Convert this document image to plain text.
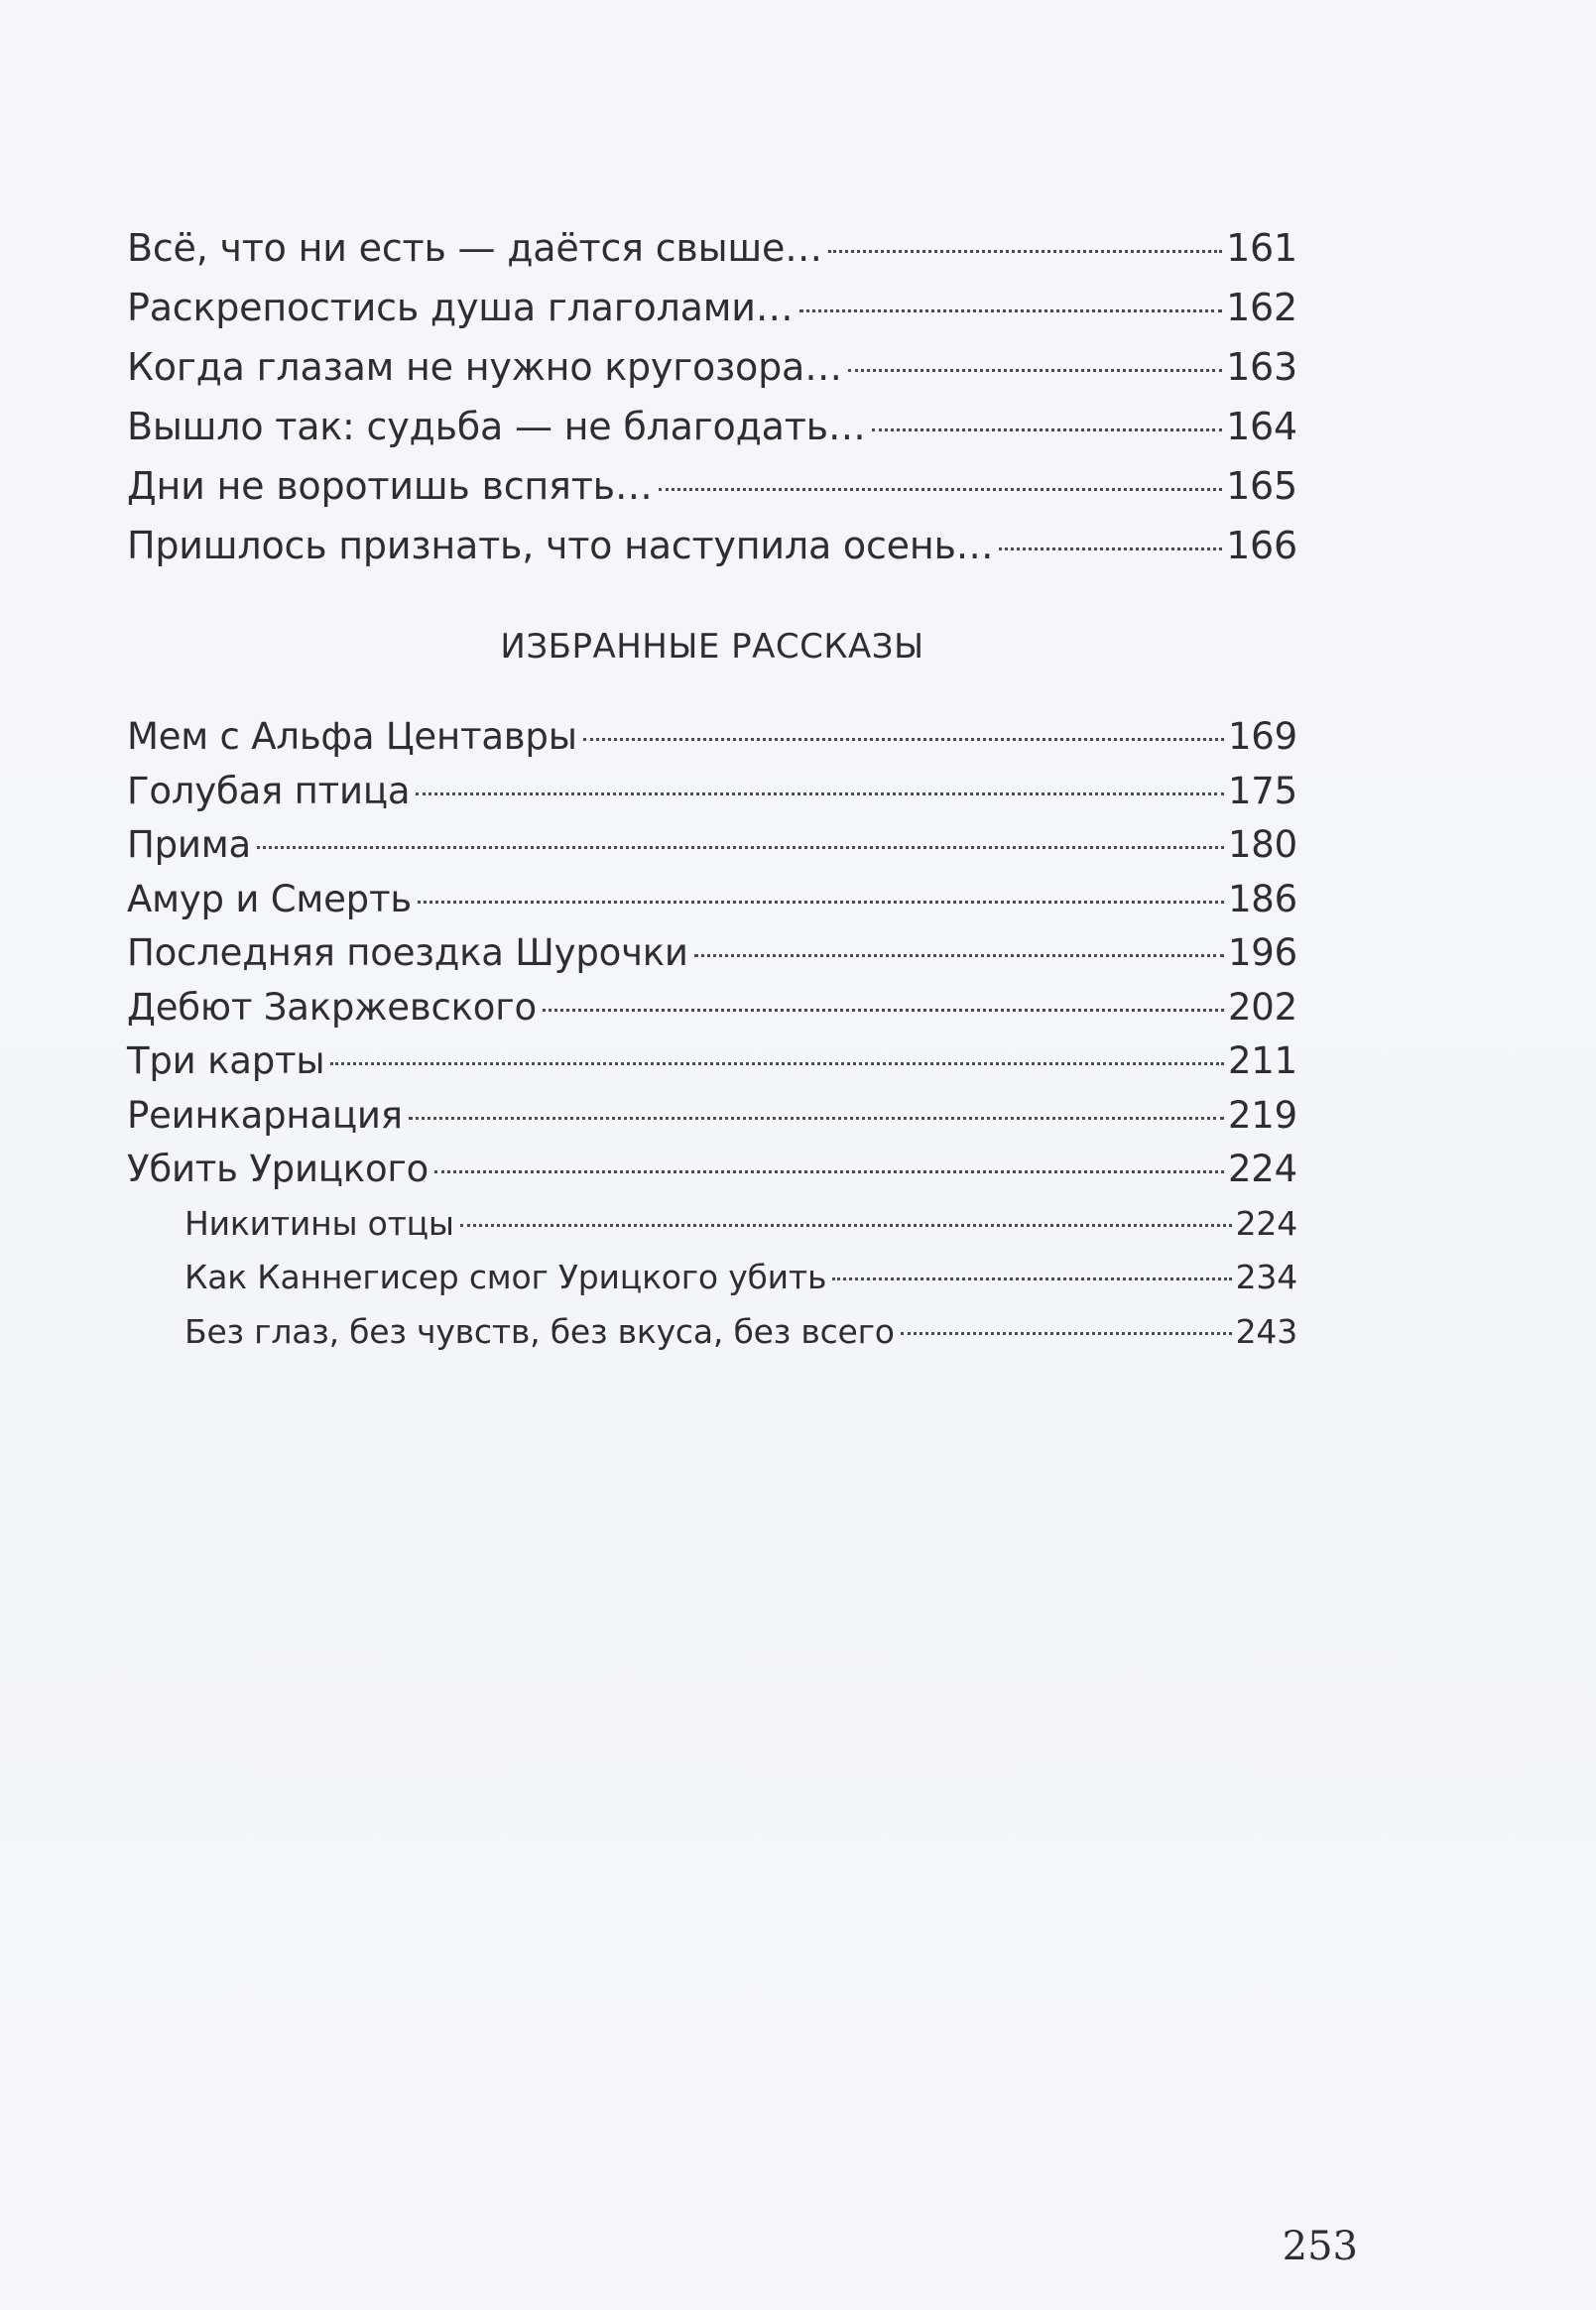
Всё, что ни есть — даётся свыше…	161
Раскрепостись душа глаголами…	162
Когда глазам не нужно кругозора…	163
Вышло так: судьба — не благодать…	164
Дни не воротишь вспять…	165
Пришлось признать, что наступила осень…	166
ИЗБРАННЫЕ РАССКАЗЫ
Мем с Альфа Центавры	169
Голубая птица	175
Прима	180
Амур и Смерть	186
Последняя поездка Шурочки	196
Дебют Закржевского	202
Три карты	211
Реинкарнация	219
Убить Урицкого	224
Никитины отцы	224
Как Каннегисер смог Урицкого убить	234
Без глаз, без чувств, без вкуса, без всего	243
253
